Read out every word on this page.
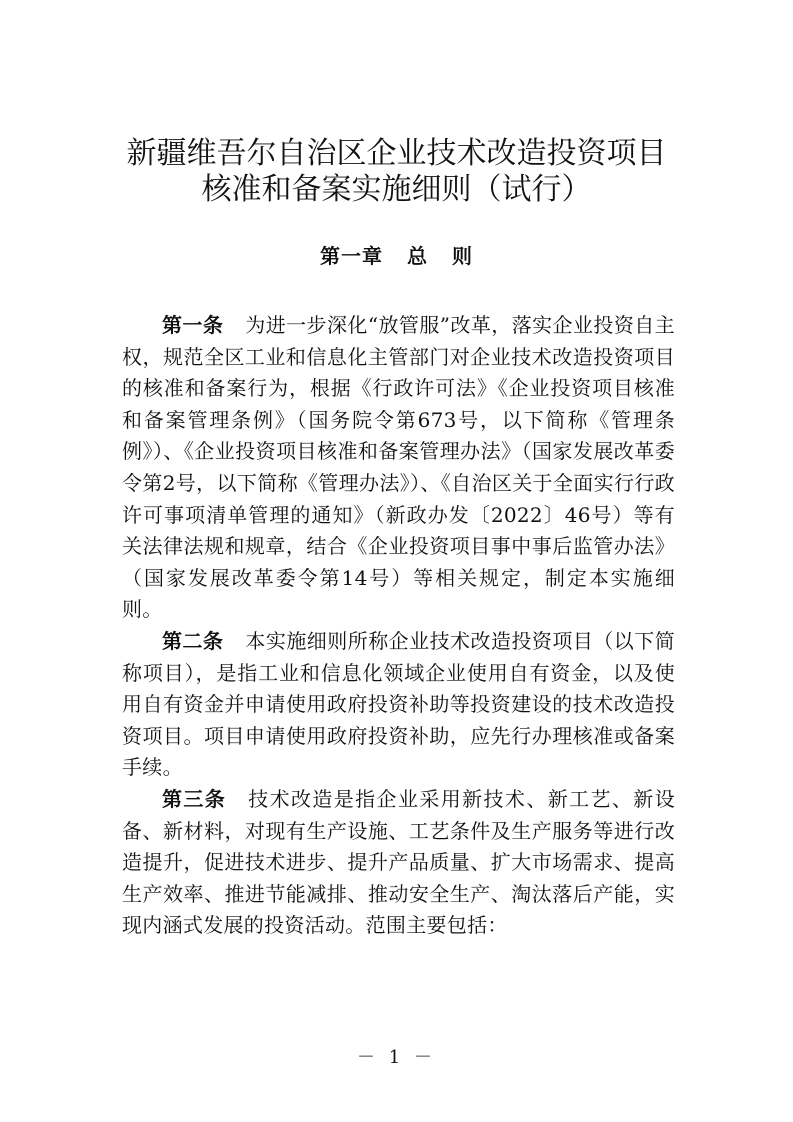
新疆维吾尔自治区企业技术改造投资项目
核准和备案实施细则（试行）
第一章 总 则

第一条 为进一步深化“放管服”改革，落实企业投资自主权，规范全区工业和信息化主管部门对企业技术改造投资项目的核准和备案行为，根据《行政许可法》《企业投资项目核准和备案管理条例》（国务院令第673号，以下简称《管理条例》）、《企业投资项目核准和备案管理办法》（国家发展改革委令第2号，以下简称《管理办法》）、《自治区关于全面实行行政许可事项清单管理的通知》（新政办发〔2022〕46号）等有关法律法规和规章，结合《企业投资项目事中事后监管办法》（国家发展改革委令第14号）等相关规定，制定本实施细则。

第二条 本实施细则所称企业技术改造投资项目（以下简称项目），是指工业和信息化领域企业使用自有资金，以及使用自有资金并申请使用政府投资补助等投资建设的技术改造投资项目。项目申请使用政府投资补助，应先行办理核准或备案手续。

第三条 技术改造是指企业采用新技术、新工艺、新设备、新材料，对现有生产设施、工艺条件及生产服务等进行改造提升，促进技术进步、提升产品质量、扩大市场需求、提高生产效率、推进节能减排、推动安全生产、淘汰落后产能，实现内涵式发展的投资活动。范围主要包括：

－ 1 －
